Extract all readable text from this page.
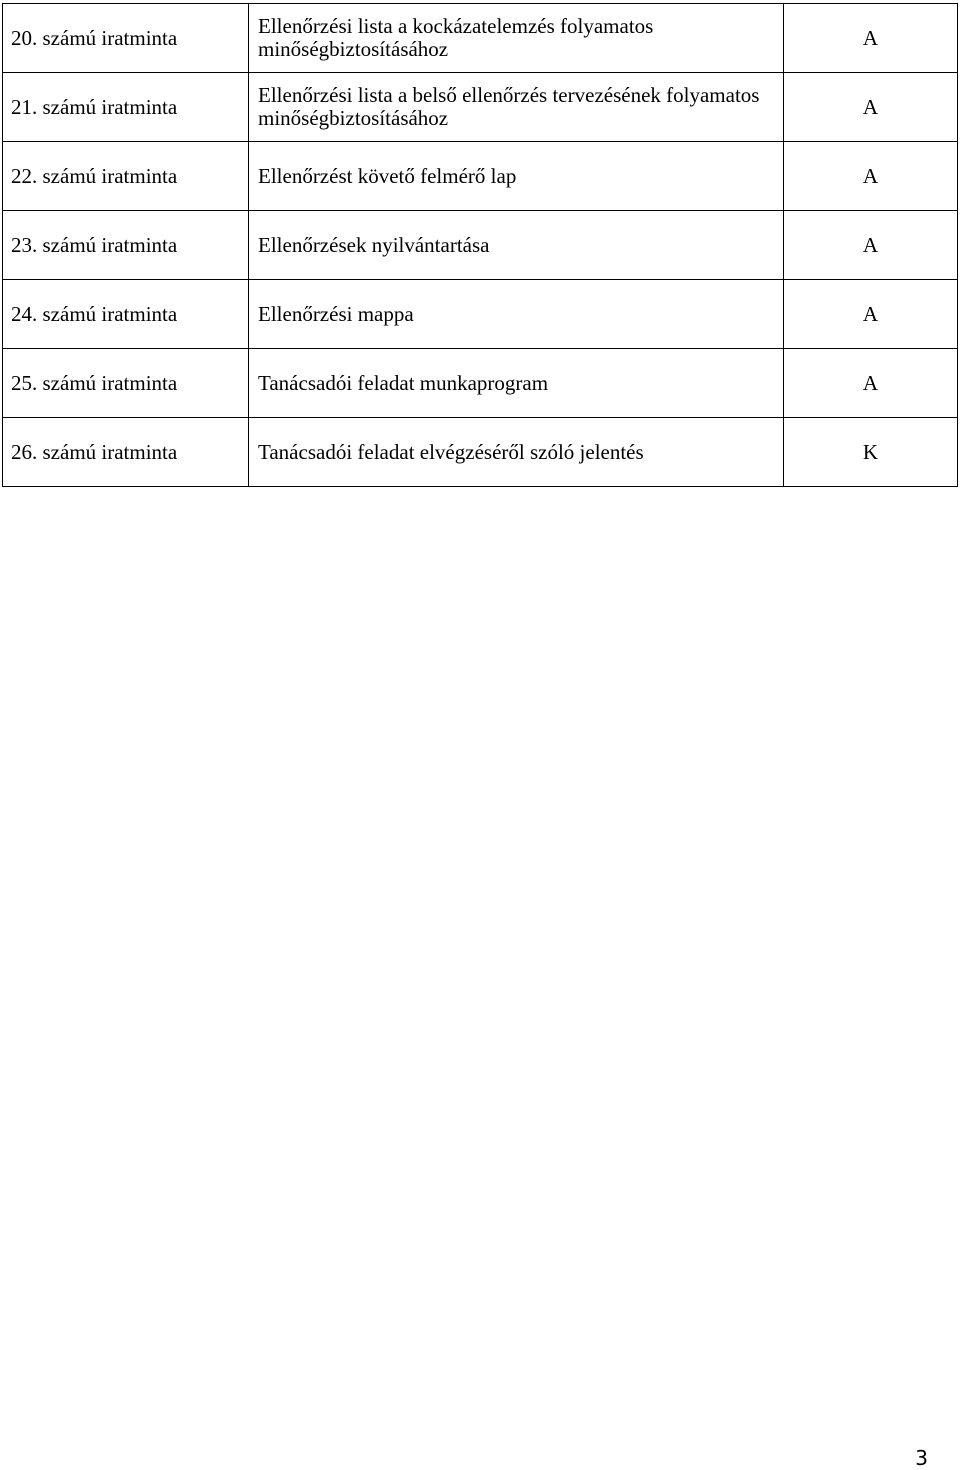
20. számú iratminta	Ellenőrzési lista a kockázatelemzés folyamatos minőségbiztosításához	A
21. számú iratminta	Ellenőrzési lista a belső ellenőrzés tervezésének folyamatos minőségbiztosításához	A
22. számú iratminta	Ellenőrzést követő felmérő lap	A
23. számú iratminta	Ellenőrzések nyilvántartása	A
24. számú iratminta	Ellenőrzési mappa	A
25. számú iratminta	Tanácsadói feladat munkaprogram	A
26. számú iratminta	Tanácsadói feladat elvégzéséről szóló jelentés	K
3
